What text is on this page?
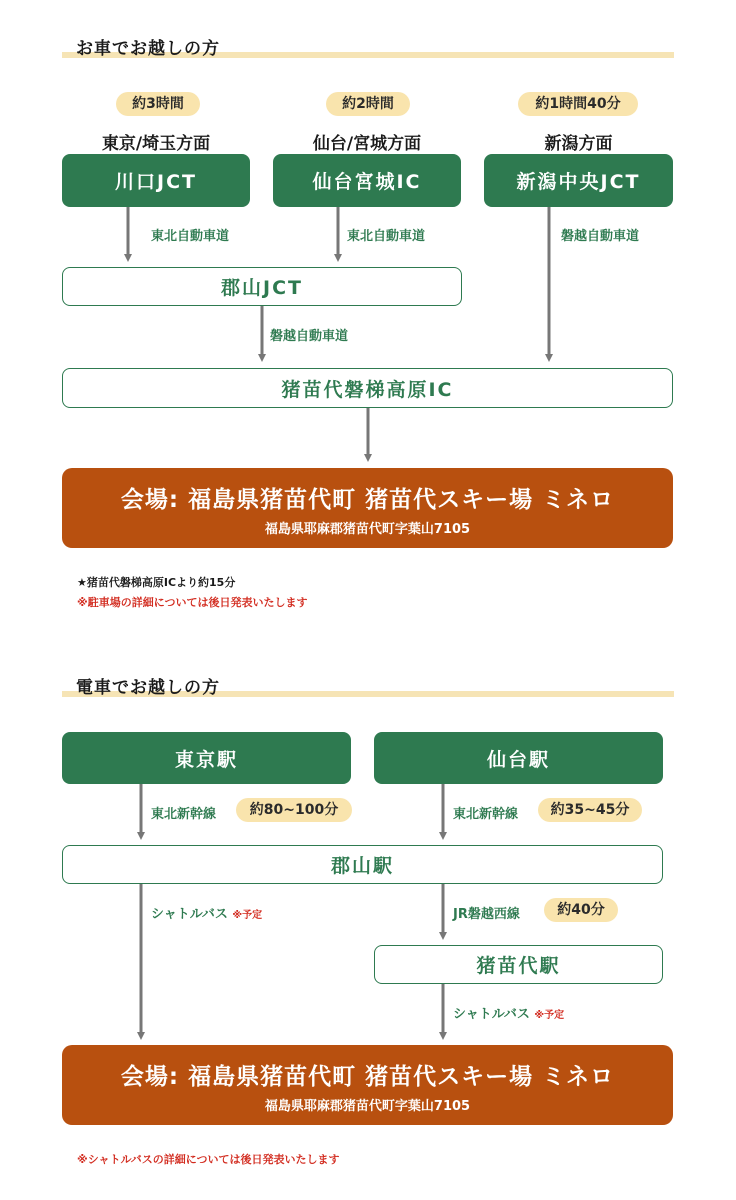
お車でお越しの方
約3時間
東京/埼玉方面
川口JCT
東北自動車道
約2時間
仙台/宮城方面
仙台宮城IC
東北自動車道
約1時間40分
新潟方面
新潟中央JCT
磐越自動車道
郡山JCT
磐越自動車道
猪苗代磐梯高原IC
会場: 福島県猪苗代町 猪苗代スキー場 ミネロ
福島県耶麻郡猪苗代町字葉山7105
★猪苗代磐梯高原ICより約15分
※駐車場の詳細については後日発表いたします
電車でお越しの方
東京駅	仙台駅
東北新幹線	約80~100分	東北新幹線	約35~45分
郡山駅
シャトルバス ※予定	JR磐越西線	約40分
猪苗代駅
シャトルバス ※予定
会場: 福島県猪苗代町 猪苗代スキー場 ミネロ
福島県耶麻郡猪苗代町字葉山7105
※シャトルバスの詳細については後日発表いたします
